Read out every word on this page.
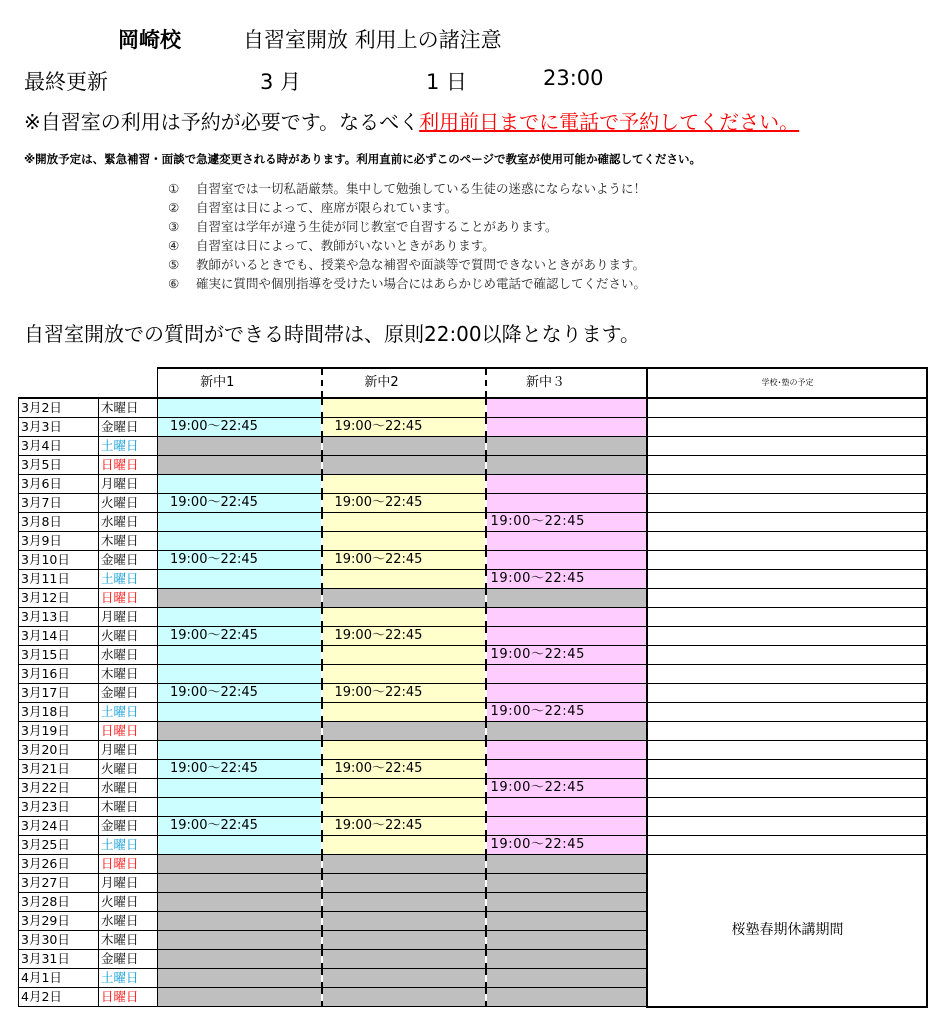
岡崎校	自習室開放 利用上の諸注意
最終更新	3 月	1 日	23:00
※自習室の利用は予約が必要です。なるべく利用前日までに電話で予約してください。
※開放予定は、緊急補習・面談で急遽変更される時があります。利用直前に必ずこのページで教室が使用可能か確認してください。
① 自習室では一切私語厳禁。集中して勉強している生徒の迷惑にならないように！
② 自習室は日によって、座席が限られています。
③ 自習室は学年が違う生徒が同じ教室で自習することがあります。
④ 自習室は日によって、教師がいないときがあります。
⑤ 教師がいるときでも、授業や急な補習や面談等で質問できないときがあります。
⑥ 確実に質問や個別指導を受けたい場合にはあらかじめ電話で確認してください。
自習室開放での質問ができる時間帯は、原則22:00以降となります。
		新中1		新中2		新中３		学校･塾の予定
3月2日	木曜日							
3月3日	金曜日	19:00～22:45		19:00～22:45				
3月4日	土曜日							
3月5日	日曜日							
3月6日	月曜日							
3月7日	火曜日	19:00～22:45		19:00～22:45				
3月8日	水曜日					19:00～22:45		
3月9日	木曜日							
3月10日	金曜日	19:00～22:45		19:00～22:45				
3月11日	土曜日					19:00～22:45		
3月12日	日曜日							
3月13日	月曜日							
3月14日	火曜日	19:00～22:45		19:00～22:45				
3月15日	水曜日					19:00～22:45		
3月16日	木曜日							
3月17日	金曜日	19:00～22:45		19:00～22:45				
3月18日	土曜日					19:00～22:45		
3月19日	日曜日							
3月20日	月曜日							
3月21日	火曜日	19:00～22:45		19:00～22:45				
3月22日	水曜日					19:00～22:45		
3月23日	木曜日							
3月24日	金曜日	19:00～22:45		19:00～22:45				
3月25日	土曜日					19:00～22:45		
3月26日	日曜日							桜塾春期休講期間
3月27日	月曜日							
3月28日	火曜日							
3月29日	水曜日							
3月30日	木曜日							
3月31日	金曜日							
4月1日	土曜日							
4月2日	日曜日							
